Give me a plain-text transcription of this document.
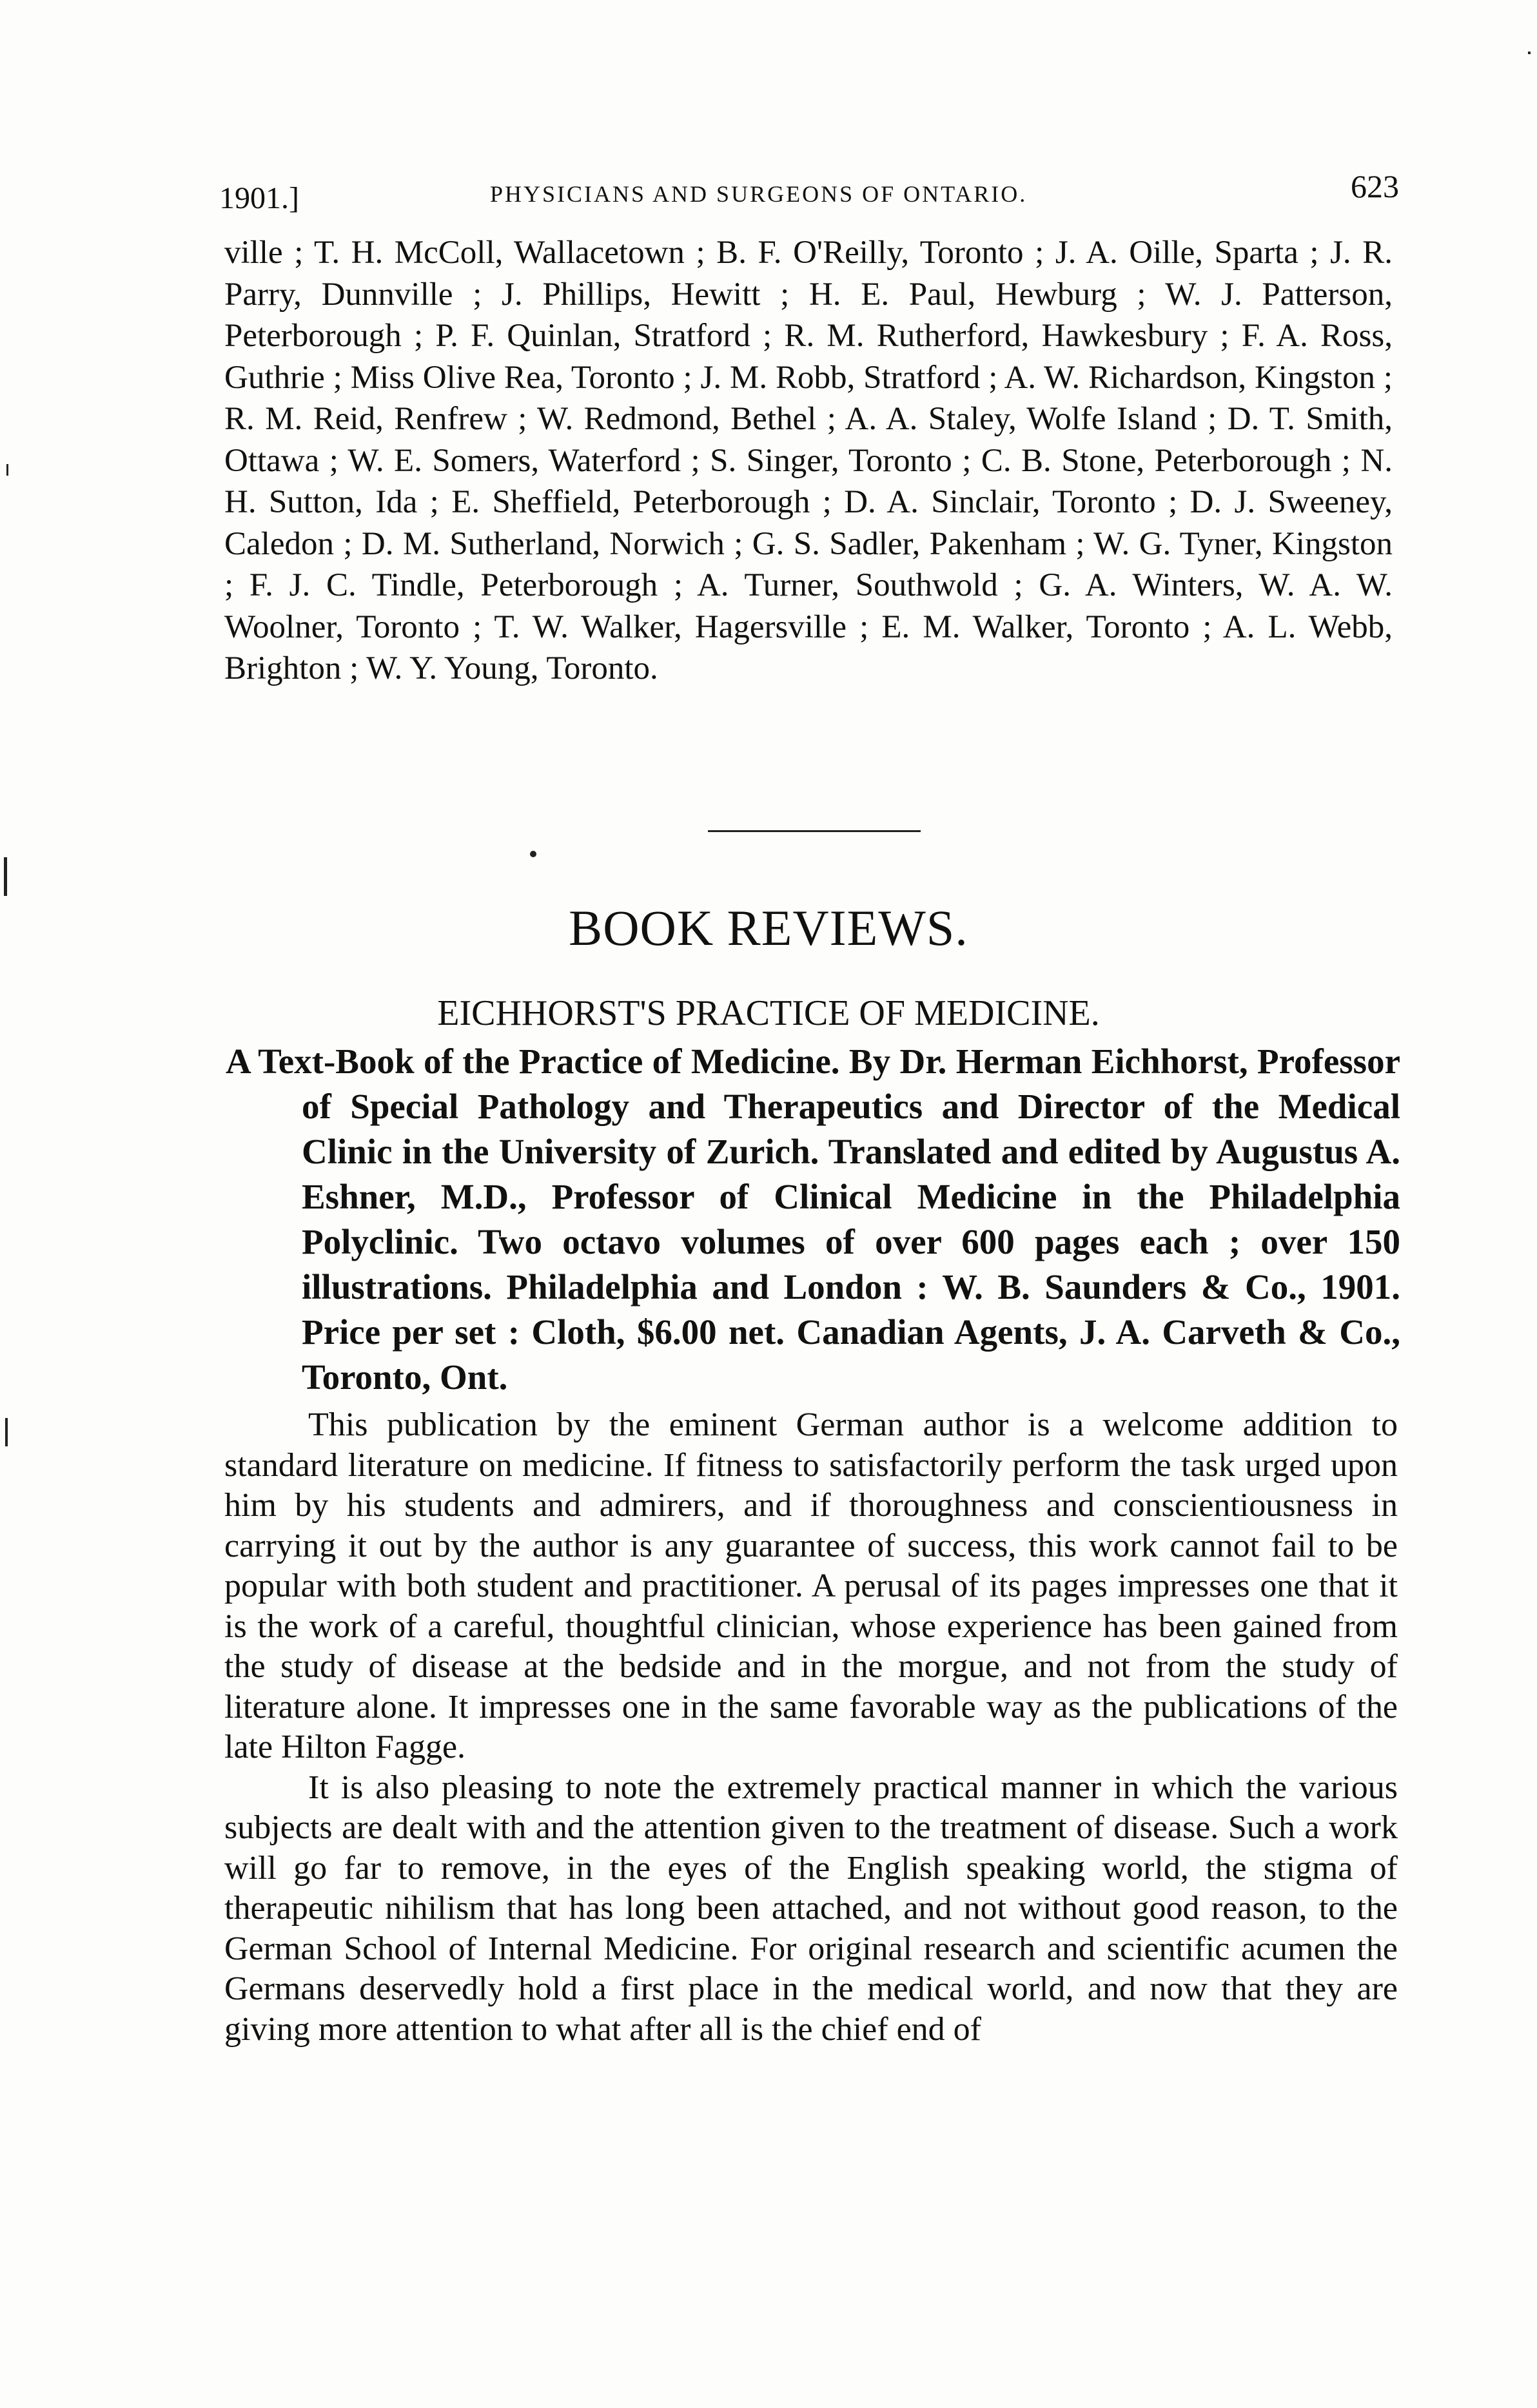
1901.]	PHYSICIANS AND SURGEONS OF ONTARIO.	623

ville ; T. H. McColl, Wallacetown ; B. F. O'Reilly, Toronto ; J. A. Oille, Sparta ; J. R. Parry, Dunnville ; J. Phillips, Hewitt ; H. E. Paul, Hewburg ; W. J. Patterson, Peterborough ; P. F. Quinlan, Stratford ; R. M. Rutherford, Hawkesbury ; F. A. Ross, Guthrie ; Miss Olive Rea, Toronto ; J. M. Robb, Stratford ; A. W. Richardson, Kingston ; R. M. Reid, Renfrew ; W. Redmond, Bethel ; A. A. Staley, Wolfe Island ; D. T. Smith, Ottawa ; W. E. Somers, Waterford ; S. Singer, Toronto ; C. B. Stone, Peterborough ; N. H. Sutton, Ida ; E. Sheffield, Peterborough ; D. A. Sinclair, Toronto ; D. J. Sweeney, Caledon ; D. M. Sutherland, Norwich ; G. S. Sadler, Pakenham ; W. G. Tyner, Kingston ; F. J. C. Tindle, Peterborough ; A. Turner, Southwold ; G. A. Winters, W. A. W. Woolner, Toronto ; T. W. Walker, Hagersville ; E. M. Walker, Toronto ; A. L. Webb, Brighton ; W. Y. Young, Toronto.

BOOK REVIEWS.
EICHHORST'S PRACTICE OF MEDICINE.

A Text-Book of the Practice of Medicine. By Dr. Herman Eichhorst, Professor of Special Pathology and Therapeutics and Director of the Medical Clinic in the University of Zurich. Translated and edited by Augustus A. Eshner, M.D., Professor of Clinical Medicine in the Philadelphia Polyclinic. Two octavo volumes of over 600 pages each ; over 150 illustrations. Philadelphia and London : W. B. Saunders & Co., 1901. Price per set : Cloth, $6.00 net. Canadian Agents, J. A. Carveth & Co., Toronto, Ont.

This publication by the eminent German author is a welcome addition to standard literature on medicine. If fitness to satisfactorily perform the task urged upon him by his students and admirers, and if thoroughness and conscientiousness in carrying it out by the author is any guarantee of success, this work cannot fail to be popular with both student and practitioner. A perusal of its pages impresses one that it is the work of a careful, thoughtful clinician, whose experience has been gained from the study of disease at the bedside and in the morgue, and not from the study of literature alone. It impresses one in the same favorable way as the publications of the late Hilton Fagge.

It is also pleasing to note the extremely practical manner in which the various subjects are dealt with and the attention given to the treatment of disease. Such a work will go far to remove, in the eyes of the English speaking world, the stigma of therapeutic nihilism that has long been attached, and not without good reason, to the German School of Internal Medicine. For original research and scientific acumen the Germans deservedly hold a first place in the medical world, and now that they are giving more attention to what after all is the chief end of
